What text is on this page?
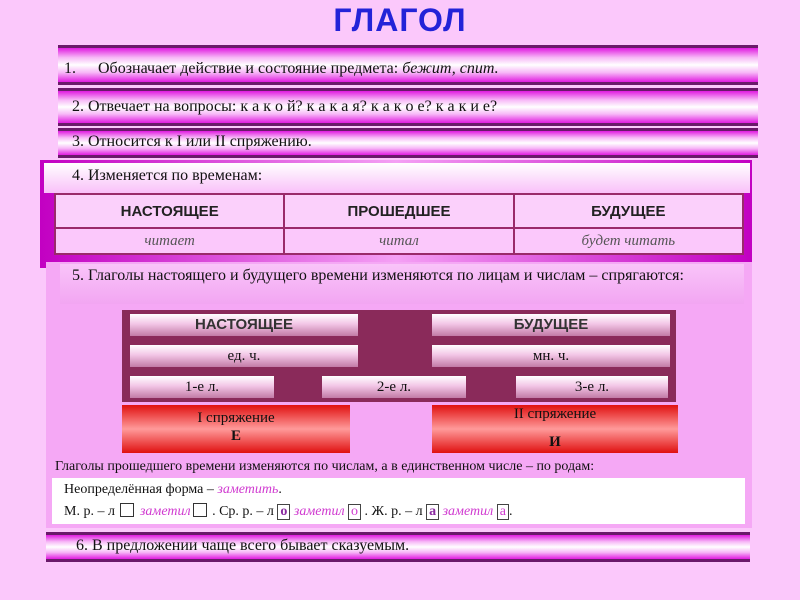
ГЛАГОЛ
1. Обозначает действие и состояние предмета: бежит, спит.
2. Отвечает на вопросы: к а к о й? к а к а я? к а к о е? к а к и е?
3. Относится к I или II спряжению.
4. Изменяется по временам:
НАСТОЯЩЕЕ	ПРОШЕДШЕЕ	БУДУЩЕЕ
читает	читал	будет читать
5. Глаголы настоящего и будущего времени изменяются по лицам и числам – спрягаются:
НАСТОЯЩЕЕ	БУДУЩЕЕ
ед. ч.	мн. ч.
1-е л.	2-е л.	3-е л.
I спряжение
Е
II спряжение
И
Глаголы прошедшего времени изменяются по числам, а в единственном числе – по родам:
Неопределённая форма – заметить.
М. р. – л заметил . Ср. р. – л о заметил о . Ж. р. – л а заметил а .
6. В предложении чаще всего бывает сказуемым.
